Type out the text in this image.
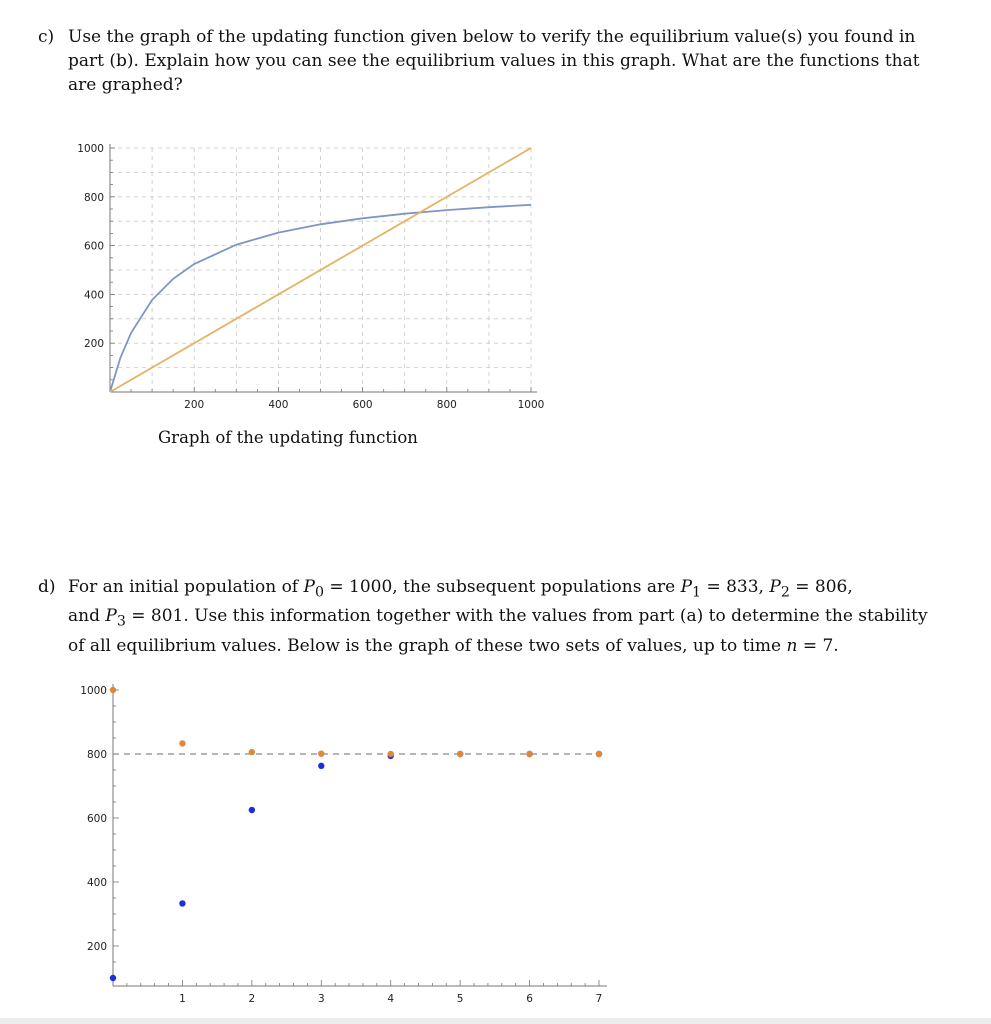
c) Use the graph of the updating function given below to verify the equilibrium value(s) you found in
part (b). Explain how you can see the equilibrium values in this graph. What are the functions that
are graphed?
200	400	600	800	1000
200
400
600
800
1000
Graph of the updating function
d) For an initial population of $P_0 = 1000$, the subsequent populations are $P_1 = 833$, $P_2 = 806$,
and $P_3 = 801$. Use this information together with the values from part (a) to determine the stability
of all equilibrium values. Below is the graph of these two sets of values, up to time n = 7.
1	2	3	4	5	6	7
200
400
600
800
1000
